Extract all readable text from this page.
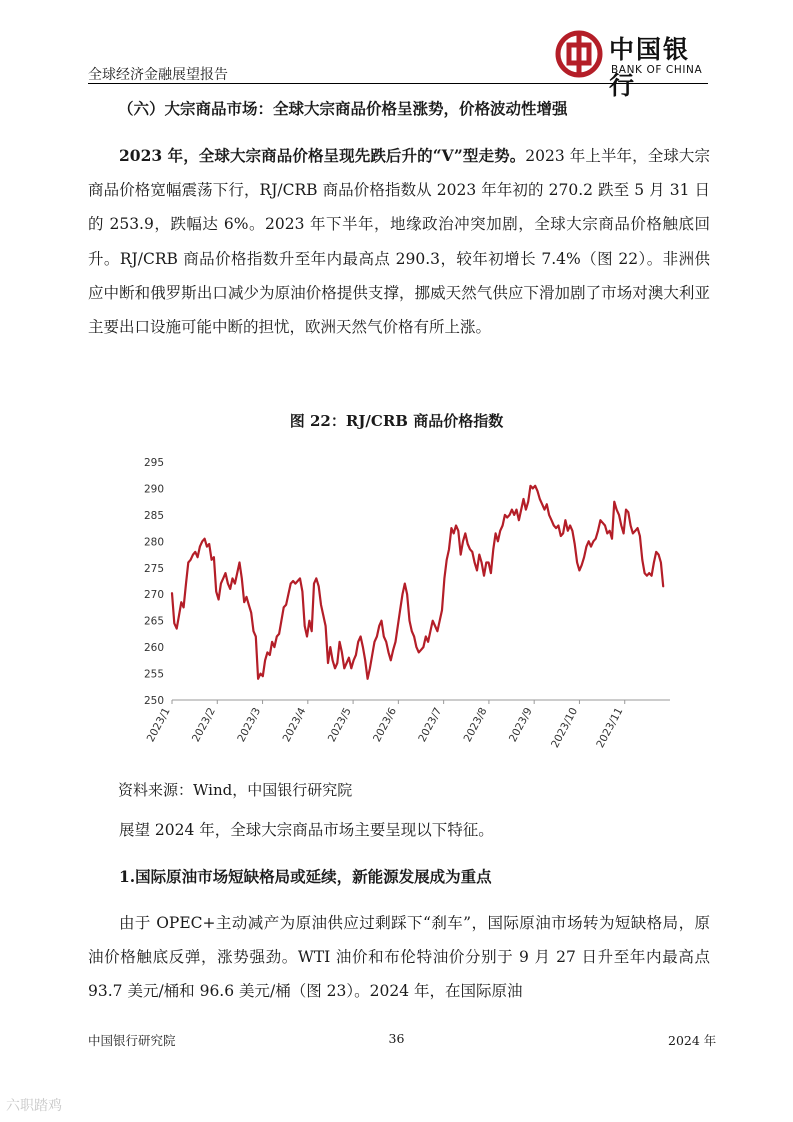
全球经济金融展望报告
中国银行
BANK OF CHINA
（六）大宗商品市场：全球大宗商品价格呈涨势，价格波动性增强

2023 年，全球大宗商品价格呈现先跌后升的“V”型走势。2023 年上半年，全球大宗商品价格宽幅震荡下行，RJ/CRB 商品价格指数从 2023 年年初的 270.2 跌至 5 月 31 日的 253.9，跌幅达 6%。2023 年下半年，地缘政治冲突加剧，全球大宗商品价格触底回升。RJ/CRB 商品价格指数升至年内最高点 290.3，较年初增长 7.4%（图 22）。非洲供应中断和俄罗斯出口减少为原油价格提供支撑，挪威天然气供应下滑加剧了市场对澳大利亚主要出口设施可能中断的担忧，欧洲天然气价格有所上涨。

图 22：RJ/CRB 商品价格指数
250
255
260
265
270
275
280
285
290
295
2023/1 2023/2 2023/3 2023/4 2023/5 2023/6 2023/7 2023/8 2023/9 2023/10 2023/11
资料来源：Wind，中国银行研究院

展望 2024 年，全球大宗商品市场主要呈现以下特征。

1.国际原油市场短缺格局或延续，新能源发展成为重点

由于 OPEC+主动减产为原油供应过剩踩下“刹车”，国际原油市场转为短缺格局，原油价格触底反弹，涨势强劲。WTI 油价和布伦特油价分别于 9 月 27 日升至年内最高点 93.7 美元/桶和 96.6 美元/桶（图 23）。2024 年，在国际原油

中国银行研究院	36	2024 年
六职踏鸡
